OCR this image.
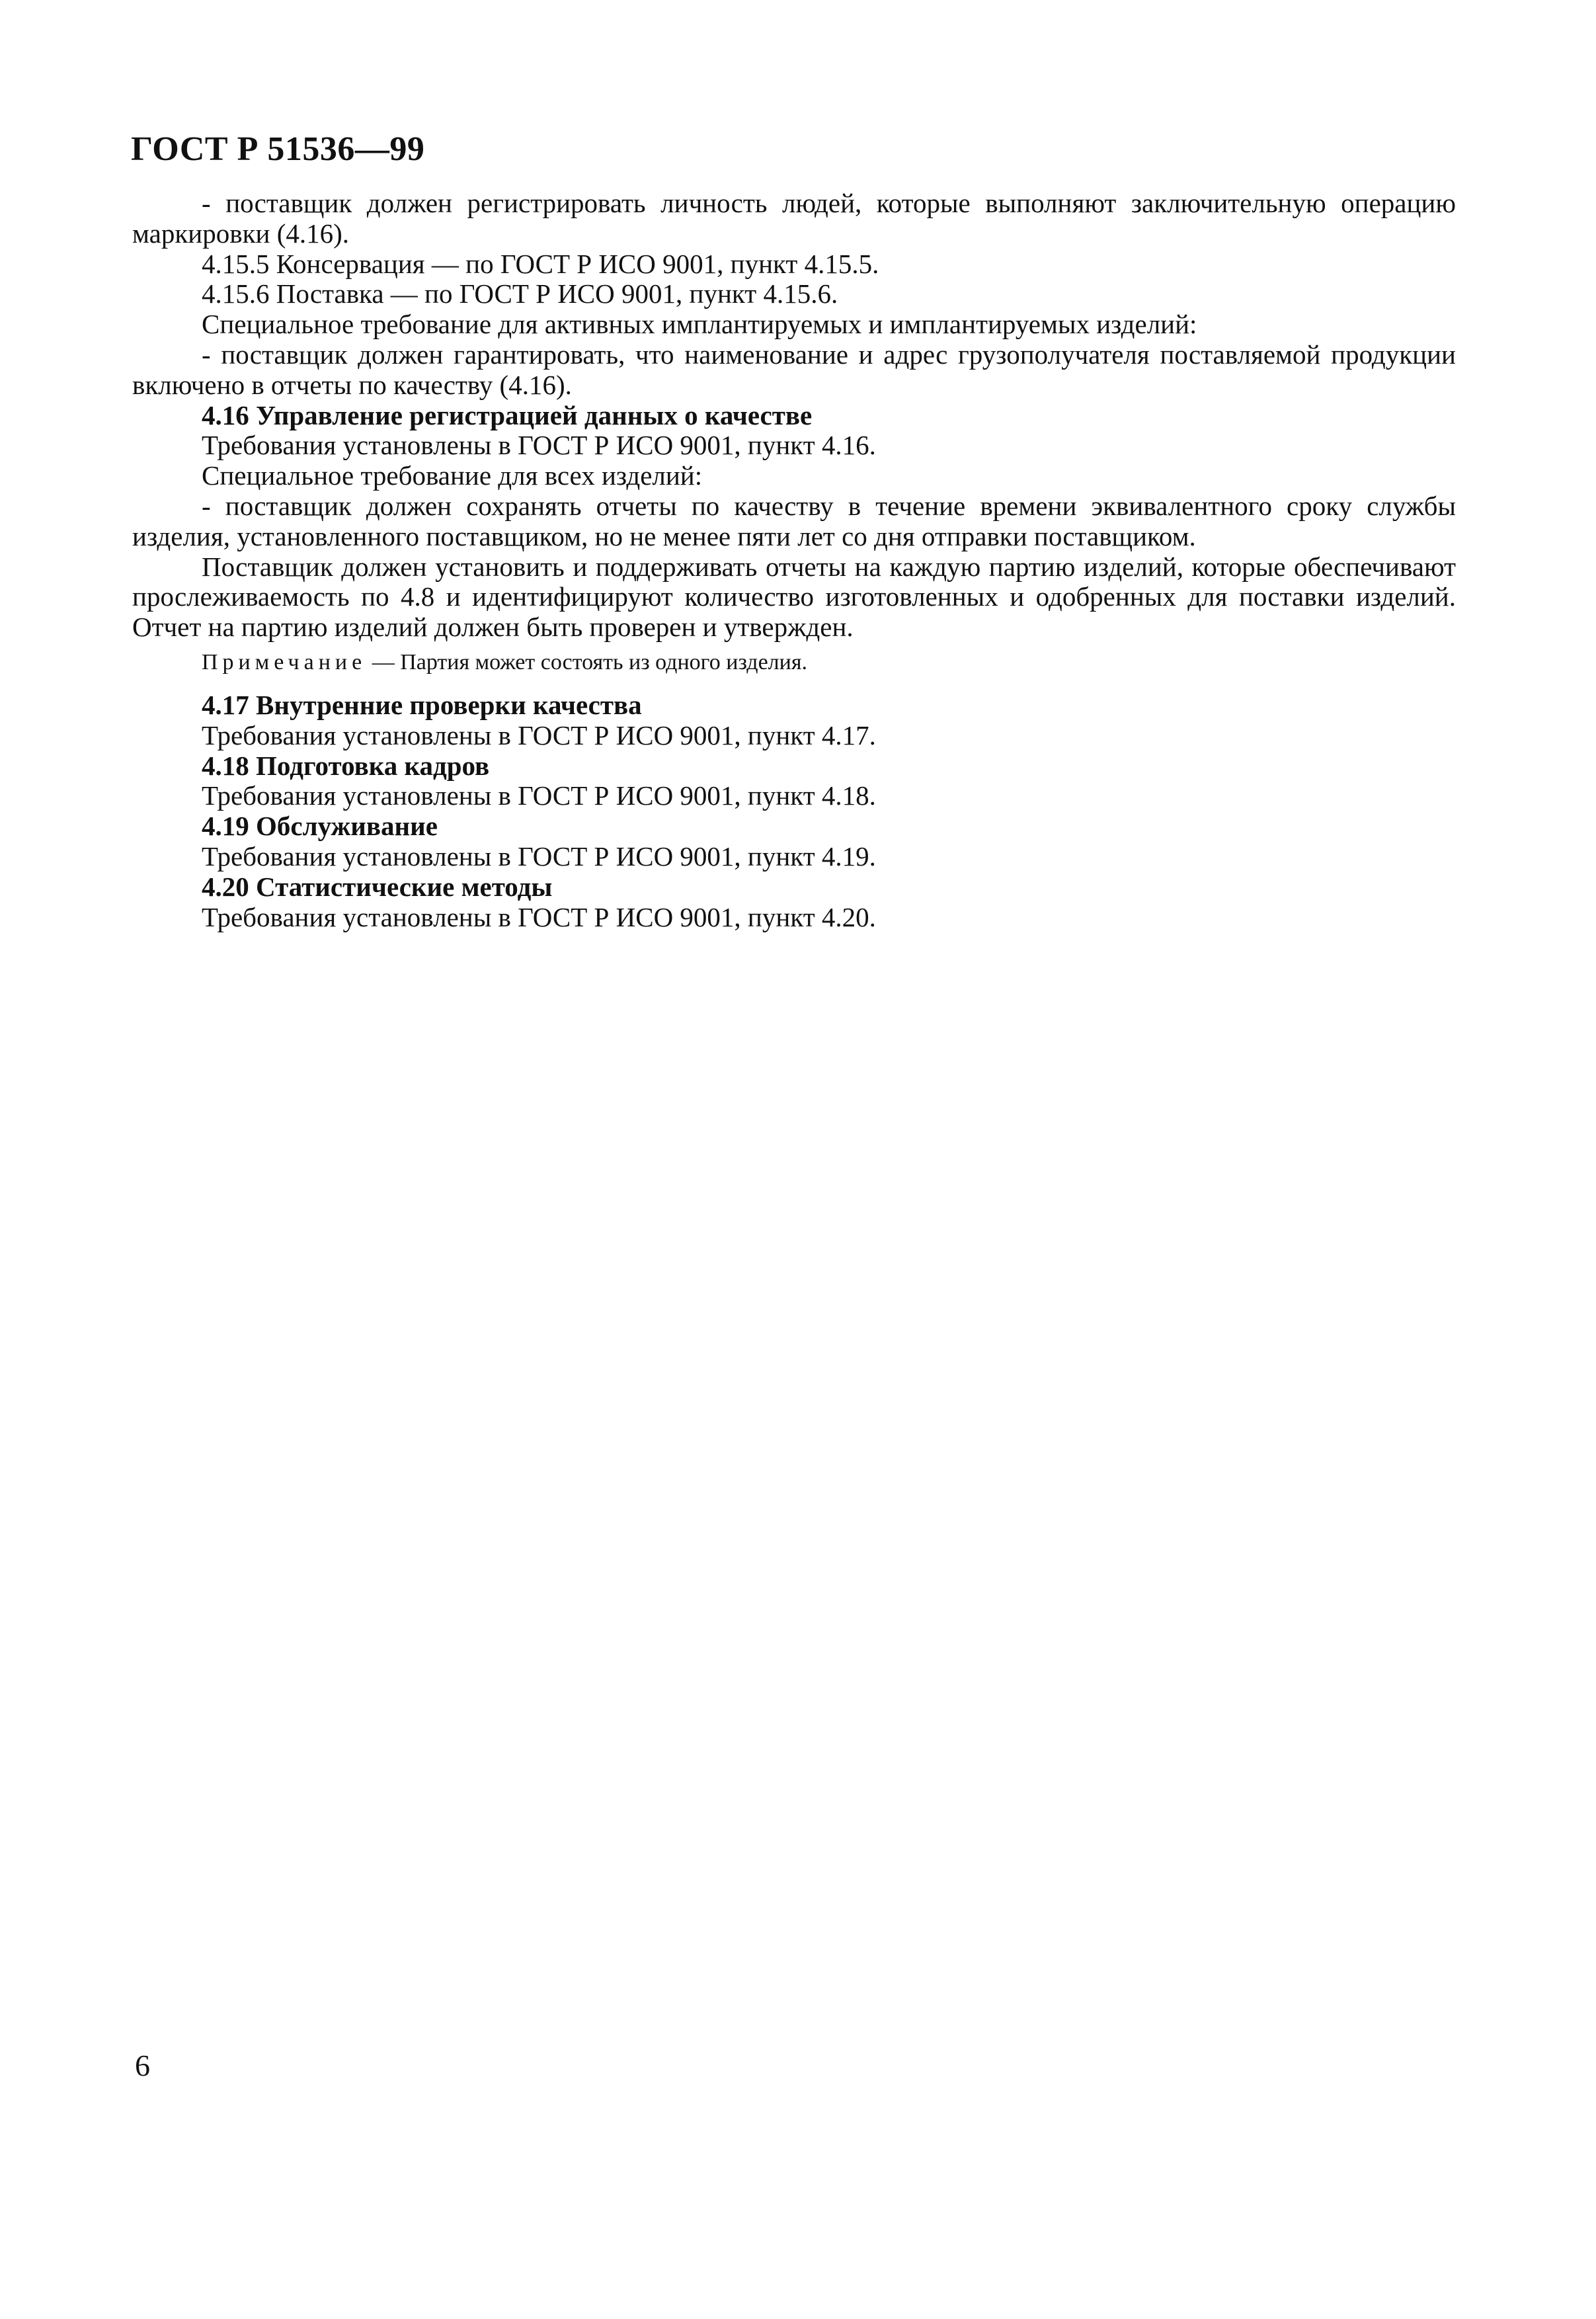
ГОСТ Р 51536—99

- поставщик должен регистрировать личность людей, которые выполняют заключительную операцию маркировки (4.16).

4.15.5 Консервация — по ГОСТ Р ИСО 9001, пункт 4.15.5.

4.15.6 Поставка — по ГОСТ Р ИСО 9001, пункт 4.15.6.

Специальное требование для активных имплантируемых и имплантируемых изделий:

- поставщик должен гарантировать, что наименование и адрес грузополучателя поставляемой продукции включено в отчеты по качеству (4.16).

4.16 Управление регистрацией данных о качестве

Требования установлены в ГОСТ Р ИСО 9001, пункт 4.16.

Специальное требование для всех изделий:

- поставщик должен сохранять отчеты по качеству в течение времени эквивалентного сроку службы изделия, установленного поставщиком, но не менее пяти лет со дня отправки поставщиком.

Поставщик должен установить и поддерживать отчеты на каждую партию изделий, которые обеспечивают прослеживаемость по 4.8 и идентифицируют количество изготовленных и одобренных для поставки изделий. Отчет на партию изделий должен быть проверен и утвержден.

Примечание — Партия может состоять из одного изделия.

4.17 Внутренние проверки качества

Требования установлены в ГОСТ Р ИСО 9001, пункт 4.17.

4.18 Подготовка кадров

Требования установлены в ГОСТ Р ИСО 9001, пункт 4.18.

4.19 Обслуживание

Требования установлены в ГОСТ Р ИСО 9001, пункт 4.19.

4.20 Статистические методы

Требования установлены в ГОСТ Р ИСО 9001, пункт 4.20.

6
